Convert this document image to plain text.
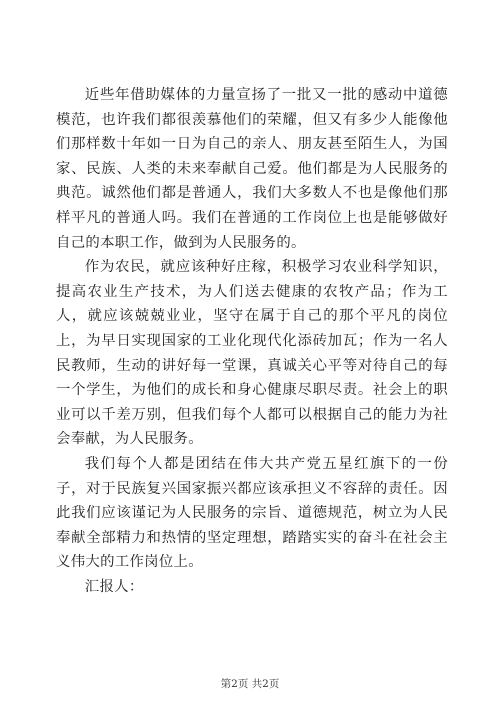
近些年借助媒体的力量宣扬了一批又一批的感动中道德模范，也许我们都很羡慕他们的荣耀，但又有多少人能像他们那样数十年如一日为自己的亲人、朋友甚至陌生人，为国家、民族、人类的未来奉献自己爱。他们都是为人民服务的典范。诚然他们都是普通人，我们大多数人不也是像他们那样平凡的普通人吗。我们在普通的工作岗位上也是能够做好自己的本职工作，做到为人民服务的。

作为农民，就应该种好庄稼，积极学习农业科学知识，提高农业生产技术，为人们送去健康的农牧产品；作为工人，就应该兢兢业业，坚守在属于自己的那个平凡的岗位上，为早日实现国家的工业化现代化添砖加瓦；作为一名人民教师，生动的讲好每一堂课，真诚关心平等对待自己的每一个学生，为他们的成长和身心健康尽职尽责。社会上的职业可以千差万别，但我们每个人都可以根据自己的能力为社会奉献，为人民服务。

我们每个人都是团结在伟大共产党五星红旗下的一份子，对于民族复兴国家振兴都应该承担义不容辞的责任。因此我们应该谨记为人民服务的宗旨、道德规范，树立为人民奉献全部精力和热情的坚定理想，踏踏实实的奋斗在社会主义伟大的工作岗位上。

汇报人：

第2页 共2页
